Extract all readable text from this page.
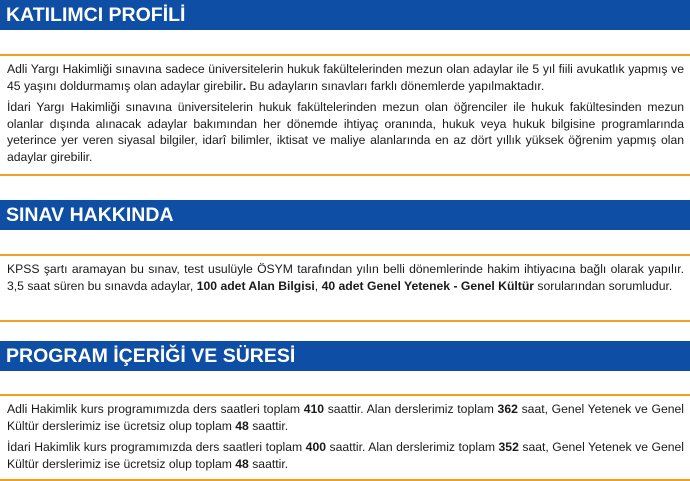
KATILIMCI PROFİLİ

Adli Yargı Hakimliği sınavına sadece üniversitelerin hukuk fakültelerinden mezun olan adaylar ile 5 yıl fiili avukatlık yapmış ve 45 yaşını doldurmamış olan adaylar girebilir. Bu adayların sınavları farklı dönemlerde yapılmaktadır.

İdari Yargı Hakimliği sınavına üniversitelerin hukuk fakültelerinden mezun olan öğrenciler ile hukuk fakültesinden mezun olanlar dışında alınacak adaylar bakımından her dönemde ihtiyaç oranında, hukuk veya hukuk bilgisine programlarında yeterince yer veren siyasal bilgiler, idarî bilimler, iktisat ve maliye alanlarında en az dört yıllık yüksek öğrenim yapmış olan adaylar girebilir.

SINAV HAKKINDA

KPSS şartı aramayan bu sınav, test usulüyle ÖSYM tarafından yılın belli dönemlerinde hakim ihtiyacına bağlı olarak yapılır. 3,5 saat süren bu sınavda adaylar, 100 adet Alan Bilgisi, 40 adet Genel Yetenek - Genel Kültür sorularından sorumludur.

PROGRAM İÇERİĞİ VE SÜRESİ

Adli Hakimlik kurs programımızda ders saatleri toplam 410 saattir. Alan derslerimiz toplam 362 saat, Genel Yetenek ve Genel Kültür derslerimiz ise ücretsiz olup toplam 48 saattir.

İdari Hakimlik kurs programımızda ders saatleri toplam 400 saattir. Alan derslerimiz toplam 352 saat, Genel Yetenek ve Genel Kültür derslerimiz ise ücretsiz olup toplam 48 saattir.
